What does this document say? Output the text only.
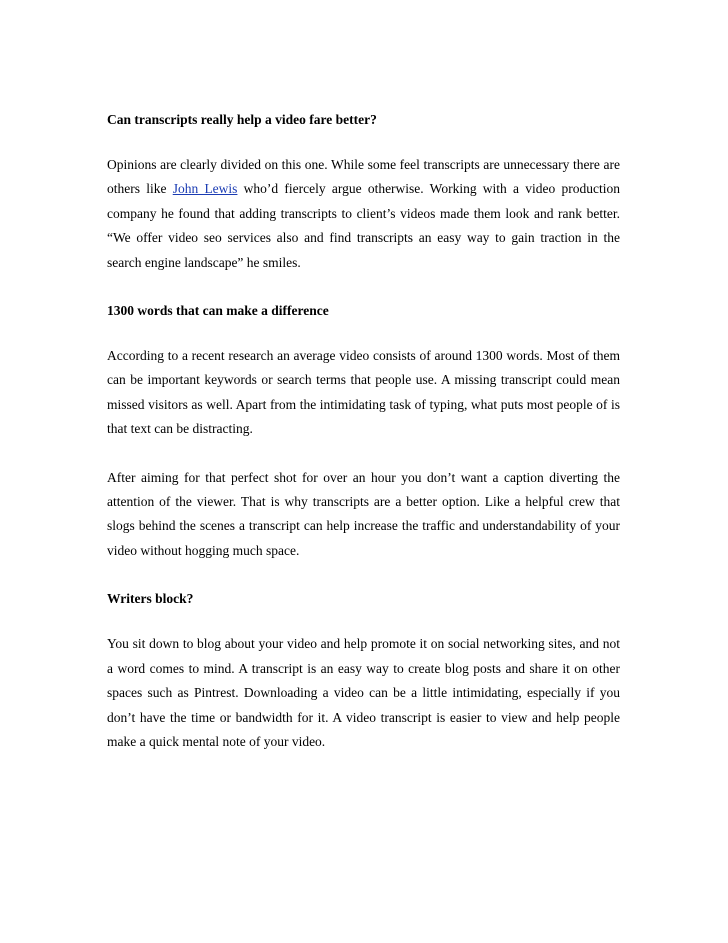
Can transcripts really help a video fare better?

Opinions are clearly divided on this one. While some feel transcripts are unnecessary there are others like John Lewis who’d fiercely argue otherwise. Working with a video production company he found that adding transcripts to client’s videos made them look and rank better. “We offer video seo services also and find transcripts an easy way to gain traction in the search engine landscape” he smiles.

1300 words that can make a difference

According to a recent research an average video consists of around 1300 words. Most of them can be important keywords or search terms that people use. A missing transcript could mean missed visitors as well. Apart from the intimidating task of typing, what puts most people of is that text can be distracting.

After aiming for that perfect shot for over an hour you don’t want a caption diverting the attention of the viewer. That is why transcripts are a better option. Like a helpful crew that slogs behind the scenes a transcript can help increase the traffic and understandability of your video without hogging much space.

Writers block?

You sit down to blog about your video and help promote it on social networking sites, and not a word comes to mind. A transcript is an easy way to create blog posts and share it on other spaces such as Pintrest. Downloading a video can be a little intimidating, especially if you don’t have the time or bandwidth for it. A video transcript is easier to view and help people make a quick mental note of your video.
